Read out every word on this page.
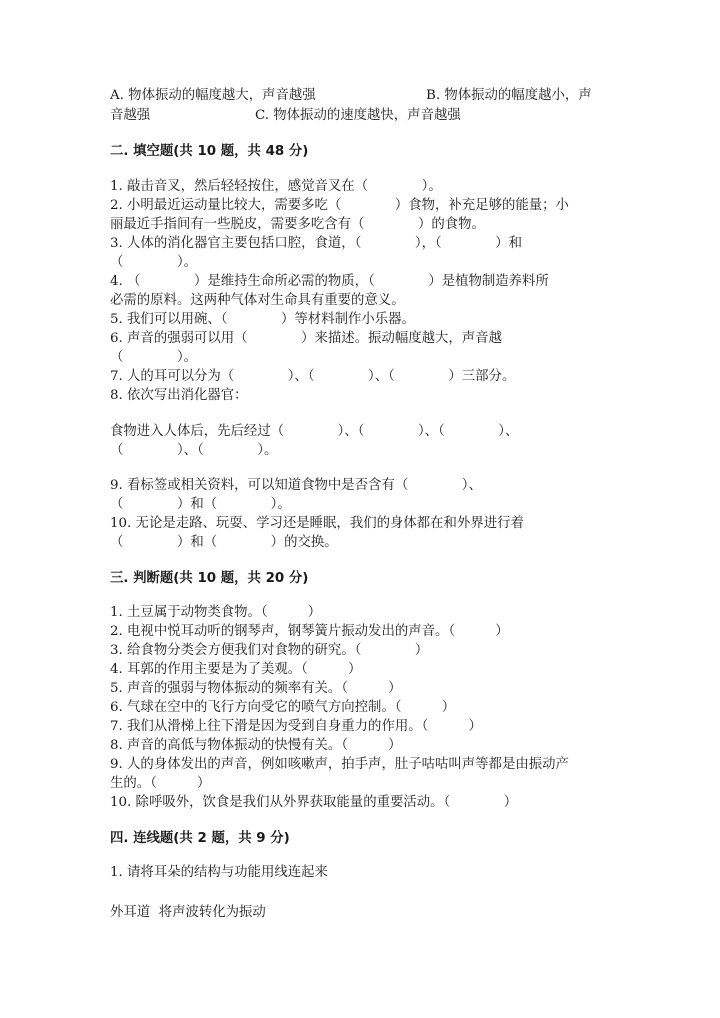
A. 物体振动的幅度越大，声音越强	B. 物体振动的幅度越小，声
音越强	C. 物体振动的速度越快，声音越强
二. 填空题(共 10 题，共 48 分)
1. 敲击音叉，然后轻轻按住，感觉音叉在（　　　　）。
2. 小明最近运动量比较大，需要多吃（　　　　）食物，补充足够的能量；小
丽最近手指间有一些脱皮，需要多吃含有（　　　　）的食物。
3. 人体的消化器官主要包括口腔，食道，（　　　　），（　　　　）和
（　　　　）。
4. （　　　　）是维持生命所必需的物质，（　　　　）是植物制造养料所
必需的原料。这两种气体对生命具有重要的意义。
5. 我们可以用碗、（　　　　）等材料制作小乐器。
6. 声音的强弱可以用（　　　　）来描述。振动幅度越大，声音越
（　　　　）。
7. 人的耳可以分为（　　　　）、（　　　　）、（　　　　）三部分。
8. 依次写出消化器官：
食物进入人体后，先后经过（　　　　）、（　　　　）、（　　　　）、
（　　　　）、（　　　　）。
9. 看标签或相关资料，可以知道食物中是否含有（　　　　）、
（　　　　）和（　　　　）。
10. 无论是走路、玩耍、学习还是睡眠，我们的身体都在和外界进行着
（　　　　）和（　　　　）的交换。
三. 判断题(共 10 题，共 20 分)
1. 土豆属于动物类食物。（　　　）
2. 电视中悦耳动听的钢琴声，钢琴簧片振动发出的声音。（　　　）
3. 给食物分类会方便我们对食物的研究。（　　　　）
4. 耳郭的作用主要是为了美观。（　　　）
5. 声音的强弱与物体振动的频率有关。（　　　）
6. 气球在空中的飞行方向受它的喷气方向控制。（　　　）
7. 我们从滑梯上往下滑是因为受到自身重力的作用。（　　　）
8. 声音的高低与物体振动的快慢有关。（　　　）
9. 人的身体发出的声音，例如咳嗽声，拍手声，肚子咕咕叫声等都是由振动产
生的。（　　　）
10. 除呼吸外，饮食是我们从外界获取能量的重要活动。（　　　　）
四. 连线题(共 2 题，共 9 分)
1. 请将耳朵的结构与功能用线连起来
外耳道  将声波转化为振动
